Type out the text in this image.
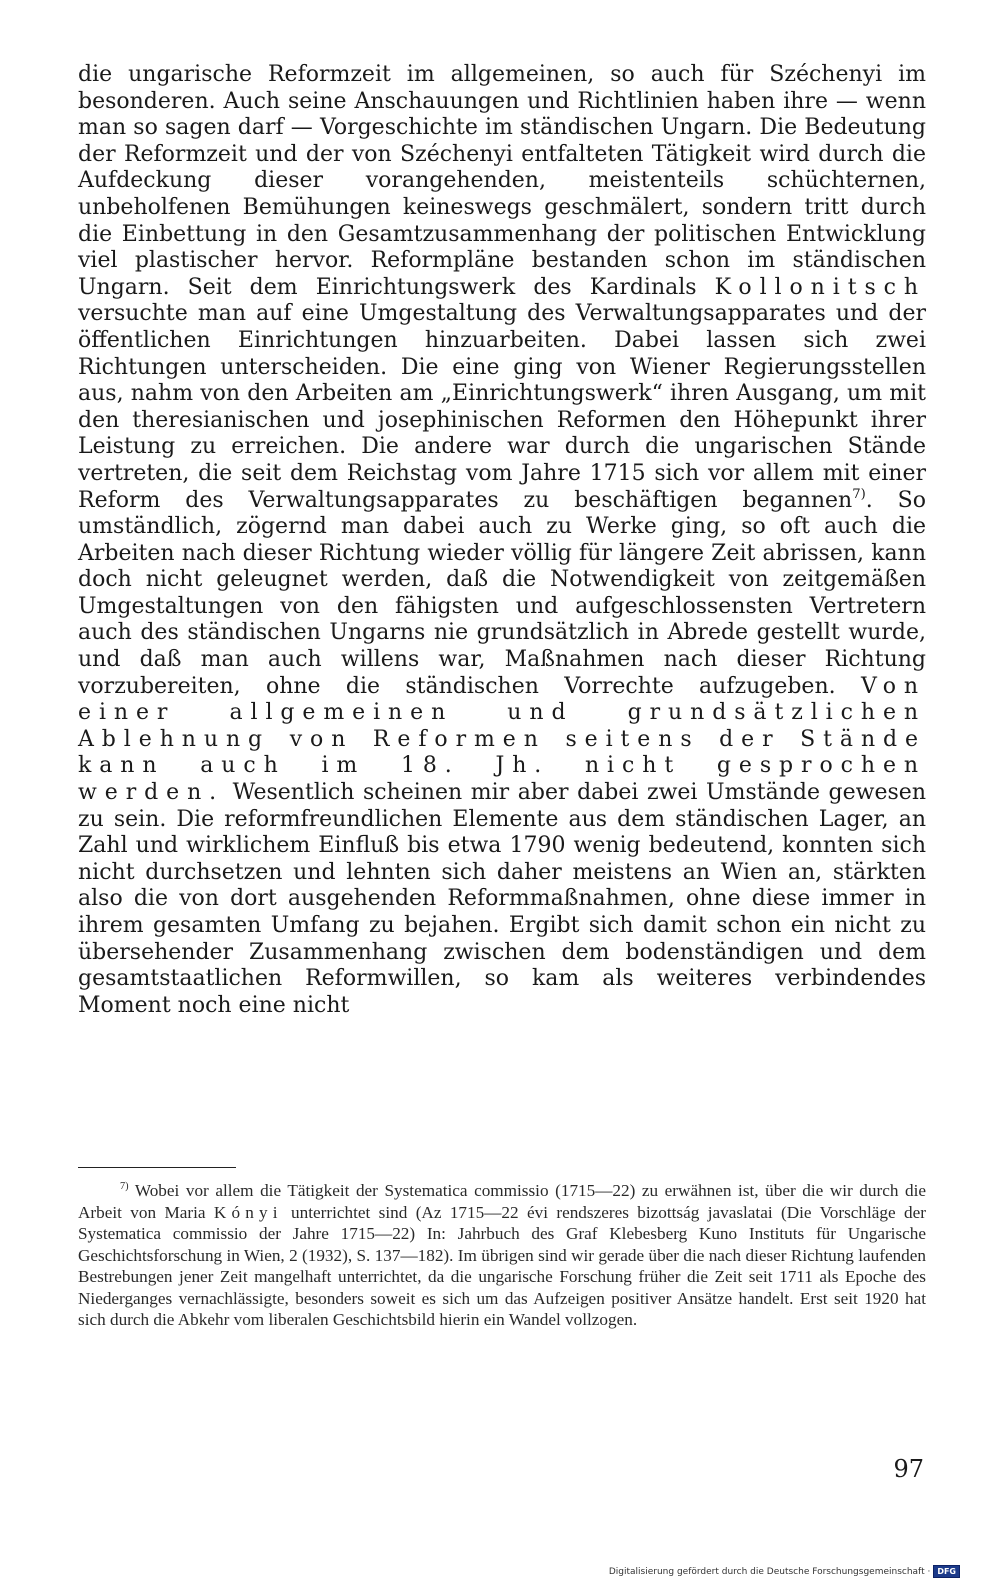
die ungarische Reformzeit im allgemeinen, so auch für Széchenyi im besonderen. Auch seine Anschauungen und Richtlinien haben ihre — wenn man so sagen darf — Vorgeschichte im ständischen Ungarn. Die Bedeutung der Reformzeit und der von Széchenyi entfalteten Tätigkeit wird durch die Aufdeckung dieser vorangehenden, meistenteils schüchternen, unbeholfenen Bemühungen keineswegs geschmälert, sondern tritt durch die Einbettung in den Gesamtzusammenhang der politischen Entwicklung viel plastischer hervor. Reformpläne bestanden schon im ständischen Ungarn. Seit dem Einrichtungswerk des Kardinals Kollonitsch versuchte man auf eine Umgestaltung des Verwaltungsapparates und der öffentlichen Einrichtungen hinzuarbeiten. Dabei lassen sich zwei Richtungen unterscheiden. Die eine ging von Wiener Regierungsstellen aus, nahm von den Arbeiten am „Einrichtungswerk“ ihren Ausgang, um mit den theresianischen und josephinischen Reformen den Höhepunkt ihrer Leistung zu erreichen. Die andere war durch die ungarischen Stände vertreten, die seit dem Reichstag vom Jahre 1715 sich vor allem mit einer Reform des Verwaltungsapparates zu beschäftigen begannen$^{7)}$. So umständlich, zögernd man dabei auch zu Werke ging, so oft auch die Arbeiten nach dieser Richtung wieder völlig für längere Zeit abrissen, kann doch nicht geleugnet werden, daß die Notwendigkeit von zeitgemäßen Umgestaltungen von den fähigsten und aufgeschlossensten Vertretern auch des ständischen Ungarns nie grundsätzlich in Abrede gestellt wurde, und daß man auch willens war, Maßnahmen nach dieser Richtung vorzubereiten, ohne die ständischen Vorrechte aufzugeben. Von einer allgemeinen und grundsätzlichen Ablehnung von Reformen seitens der Stände kann auch im 18. Jh. nicht gesprochen werden. Wesentlich scheinen mir aber dabei zwei Umstände gewesen zu sein. Die reformfreundlichen Elemente aus dem ständischen Lager, an Zahl und wirklichem Einfluß bis etwa 1790 wenig bedeutend, konnten sich nicht durchsetzen und lehnten sich daher meistens an Wien an, stärkten also die von dort ausgehenden Reformmaßnahmen, ohne diese immer in ihrem gesamten Umfang zu bejahen. Ergibt sich damit schon ein nicht zu übersehender Zusammenhang zwischen dem bodenständigen und dem gesamtstaatlichen Reformwillen, so kam als weiteres verbindendes Moment noch eine nicht

$^{7)}$ Wobei vor allem die Tätigkeit der Systematica commissio (1715—22) zu erwähnen ist, über die wir durch die Arbeit von Maria Kónyi unterrichtet sind (Az 1715—22 évi rendszeres bizottság javaslatai (Die Vorschläge der Systematica commissio der Jahre 1715—22) In: Jahrbuch des Graf Klebesberg Kuno Instituts für Ungarische Geschichtsforschung in Wien, 2 (1932), S. 137—182). Im übrigen sind wir gerade über die nach dieser Richtung laufenden Bestrebungen jener Zeit mangelhaft unterrichtet, da die ungarische Forschung früher die Zeit seit 1711 als Epoche des Niederganges vernachlässigte, besonders soweit es sich um das Aufzeigen positiver Ansätze handelt. Erst seit 1920 hat sich durch die Abkehr vom liberalen Geschichtsbild hierin ein Wandel vollzogen.

97
Digitalisierung gefördert durch die Deutsche Forschungsgemeinschaft · DFG
